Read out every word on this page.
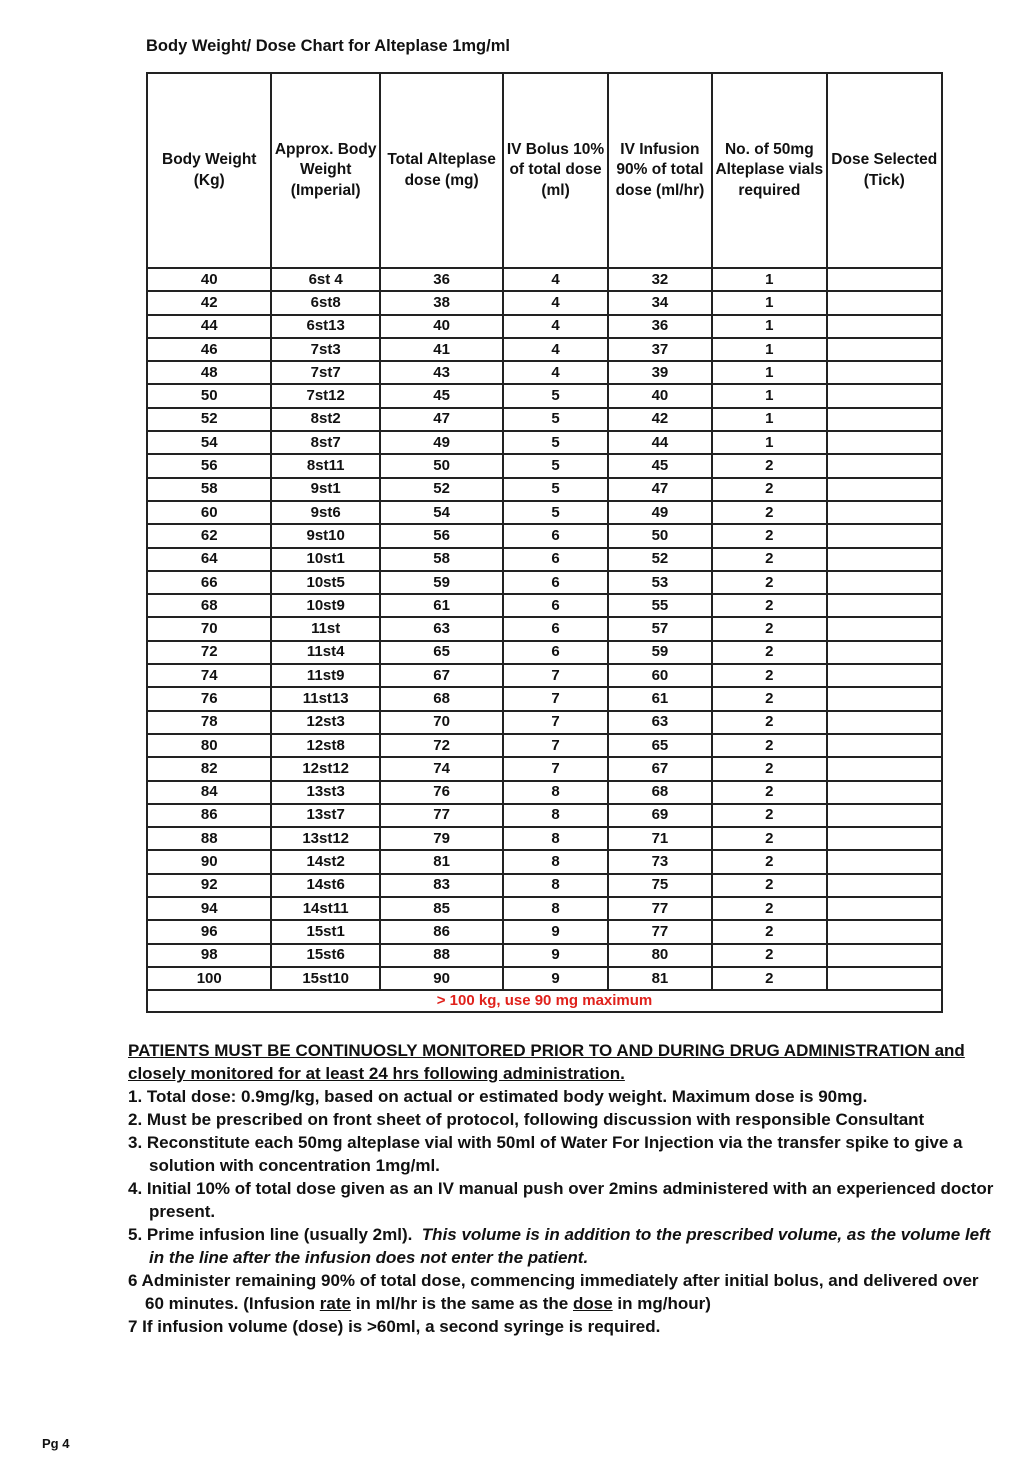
Body Weight/ Dose Chart for Alteplase 1mg/ml
Body Weight (Kg)	Approx. Body Weight (Imperial)	Total Alteplase dose (mg)	IV Bolus 10% of total dose (ml)	IV Infusion 90% of total dose (ml/hr)	No. of 50mg Alteplase vials required	Dose Selected (Tick)
40	6st 4	36	4	32	1	
42	6st8	38	4	34	1	
44	6st13	40	4	36	1	
46	7st3	41	4	37	1	
48	7st7	43	4	39	1	
50	7st12	45	5	40	1	
52	8st2	47	5	42	1	
54	8st7	49	5	44	1	
56	8st11	50	5	45	2	
58	9st1	52	5	47	2	
60	9st6	54	5	49	2	
62	9st10	56	6	50	2	
64	10st1	58	6	52	2	
66	10st5	59	6	53	2	
68	10st9	61	6	55	2	
70	11st	63	6	57	2	
72	11st4	65	6	59	2	
74	11st9	67	7	60	2	
76	11st13	68	7	61	2	
78	12st3	70	7	63	2	
80	12st8	72	7	65	2	
82	12st12	74	7	67	2	
84	13st3	76	8	68	2	
86	13st7	77	8	69	2	
88	13st12	79	8	71	2	
90	14st2	81	8	73	2	
92	14st6	83	8	75	2	
94	14st11	85	8	77	2	
96	15st1	86	9	77	2	
98	15st6	88	9	80	2	
100	15st10	90	9	81	2	
> 100 kg, use 90 mg maximum						
PATIENTS MUST BE CONTINUOSLY MONITORED PRIOR TO AND DURING DRUG ADMINISTRATION and closely monitored for at least 24 hrs following administration.
1. Total dose: 0.9mg/kg, based on actual or estimated body weight. Maximum dose is 90mg.
2. Must be prescribed on front sheet of protocol, following discussion with responsible Consultant
3. Reconstitute each 50mg alteplase vial with 50ml of Water For Injection via the transfer spike to give a solution with concentration 1mg/ml.
4. Initial 10% of total dose given as an IV manual push over 2mins administered with an experienced doctor present.
5. Prime infusion line (usually 2ml). This volume is in addition to the prescribed volume, as the volume left in the line after the infusion does not enter the patient.
6 Administer remaining 90% of total dose, commencing immediately after initial bolus, and delivered over 60 minutes. (Infusion rate in ml/hr is the same as the dose in mg/hour)
7 If infusion volume (dose) is >60ml, a second syringe is required.
Pg 4
